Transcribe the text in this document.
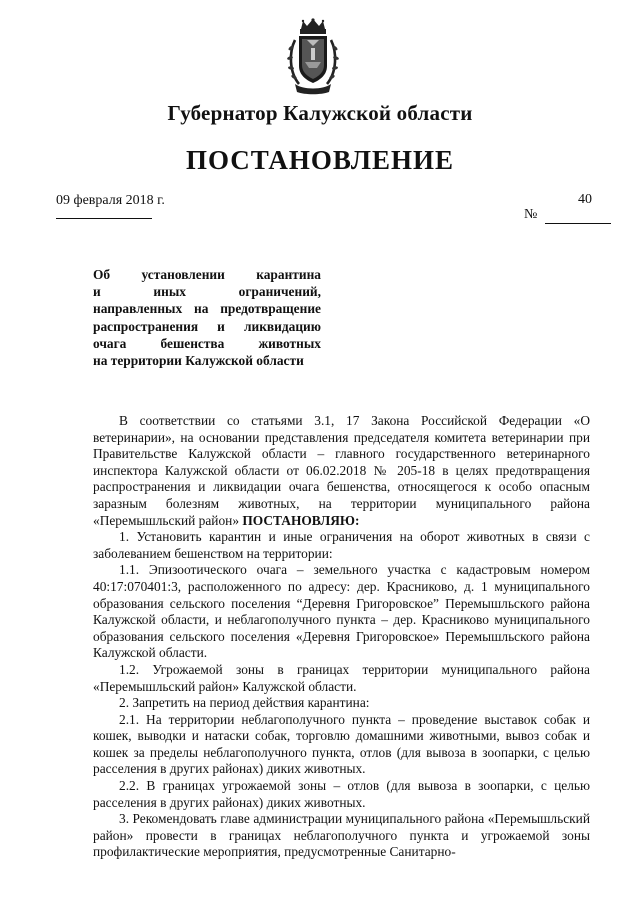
Губернатор Калужской области
ПОСТАНОВЛЕНИЕ
09 февраля 2018 г.	40
№
Об установлении карантина
и иных ограничений,
направленных на предотвращение
распространения и ликвидацию
очага бешенства животных
на территории Калужской области

В соответствии со статьями 3.1, 17 Закона Российской Федерации «О ветеринарии», на основании представления председателя комитета ветеринарии при Правительстве Калужской области – главного государственного ветеринарного инспектора Калужской области от 06.02.2018 № 205-18 в целях предотвращения распространения и ликвидации очага бешенства, относящегося к особо опасным заразным болезням животных, на территории муниципального района «Перемышльский район» ПОСТАНОВЛЯЮ:

1. Установить карантин и иные ограничения на оборот животных в связи с заболеванием бешенством на территории:

1.1. Эпизоотического очага – земельного участка с кадастровым номером 40:17:070401:3, расположенного по адресу: дер. Красниково, д. 1 муниципального образования сельского поселения “Деревня Григоровское” Перемышльского района Калужской области, и неблагополучного пункта – дер. Красниково муниципального образования сельского поселения «Деревня Григоровское» Перемышльского района Калужской области.

1.2. Угрожаемой зоны в границах территории муниципального района «Перемышльский район» Калужской области.

2. Запретить на период действия карантина:

2.1. На территории неблагополучного пункта – проведение выставок собак и кошек, выводки и натаски собак, торговлю домашними животными, вывоз собак и кошек за пределы неблагополучного пункта, отлов (для вывоза в зоопарки, с целью расселения в других районах) диких животных.

2.2. В границах угрожаемой зоны – отлов (для вывоза в зоопарки, с целью расселения в других районах) диких животных.

3. Рекомендовать главе администрации муниципального района «Перемышльский район» провести в границах неблагополучного пункта и угрожаемой зоны профилактические мероприятия, предусмотренные Санитарно-
